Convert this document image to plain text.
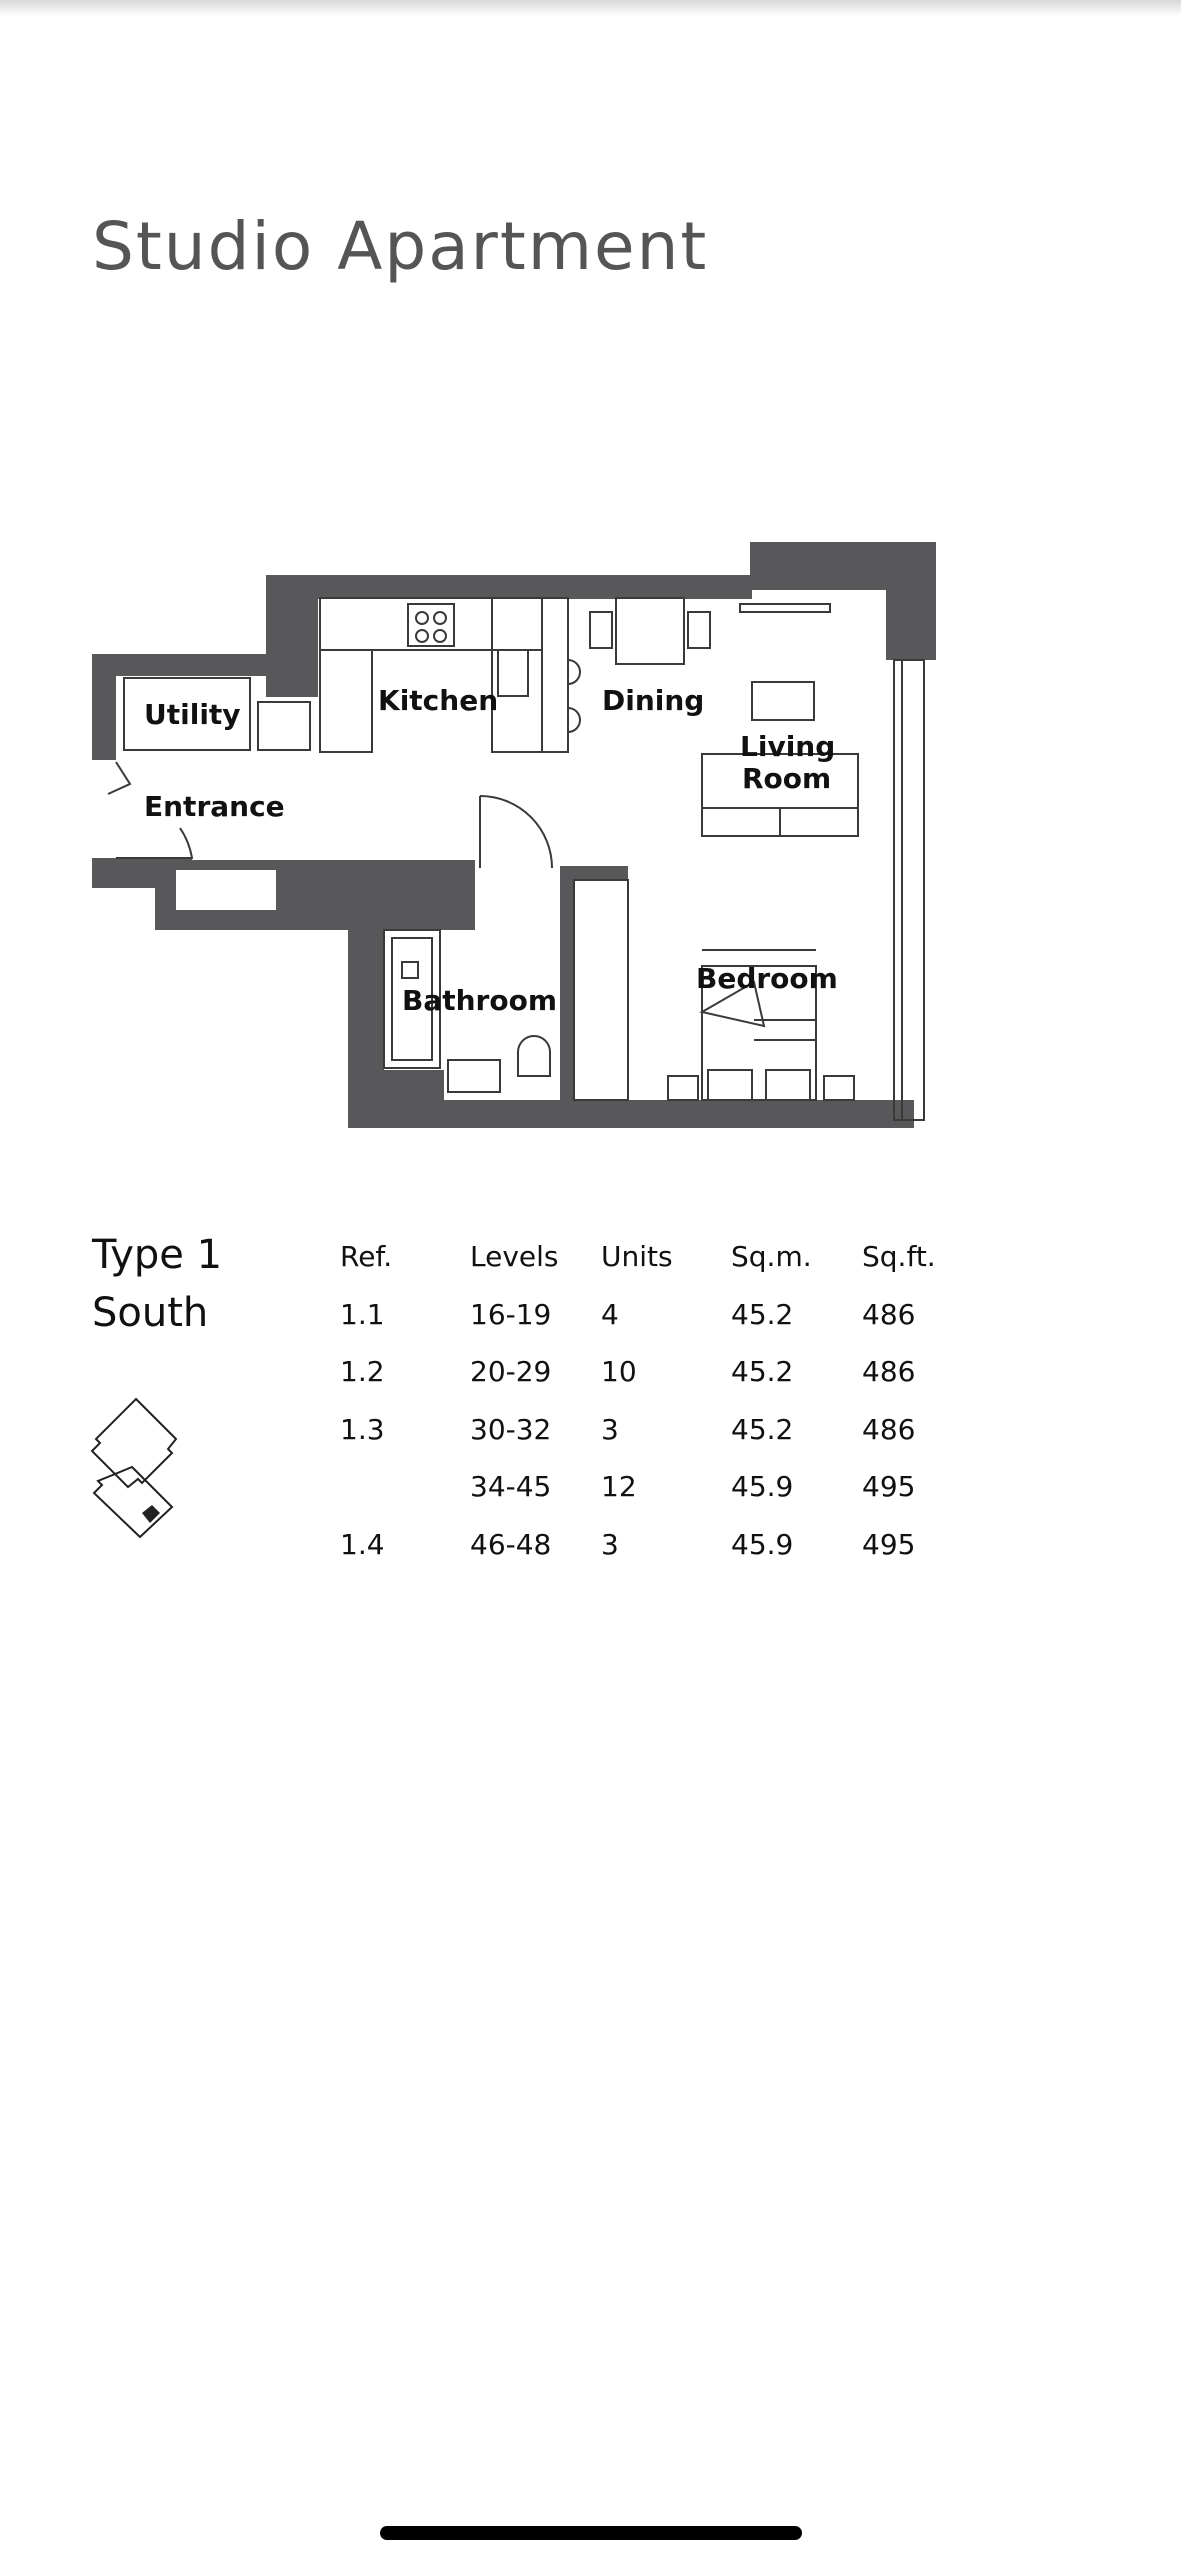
Studio Apartment
Utility	Kitchen	Dining
Living
Room
Entrance
Bathroom
Bedroom
Type 1
South
Ref.	Levels	Units	Sq.m.	Sq.ft.
1.1	16-19	4	45.2	486
1.2	20-29	10	45.2	486
1.3	30-32	3	45.2	486
	34-45	12	45.9	495
1.4	46-48	3	45.9	495
